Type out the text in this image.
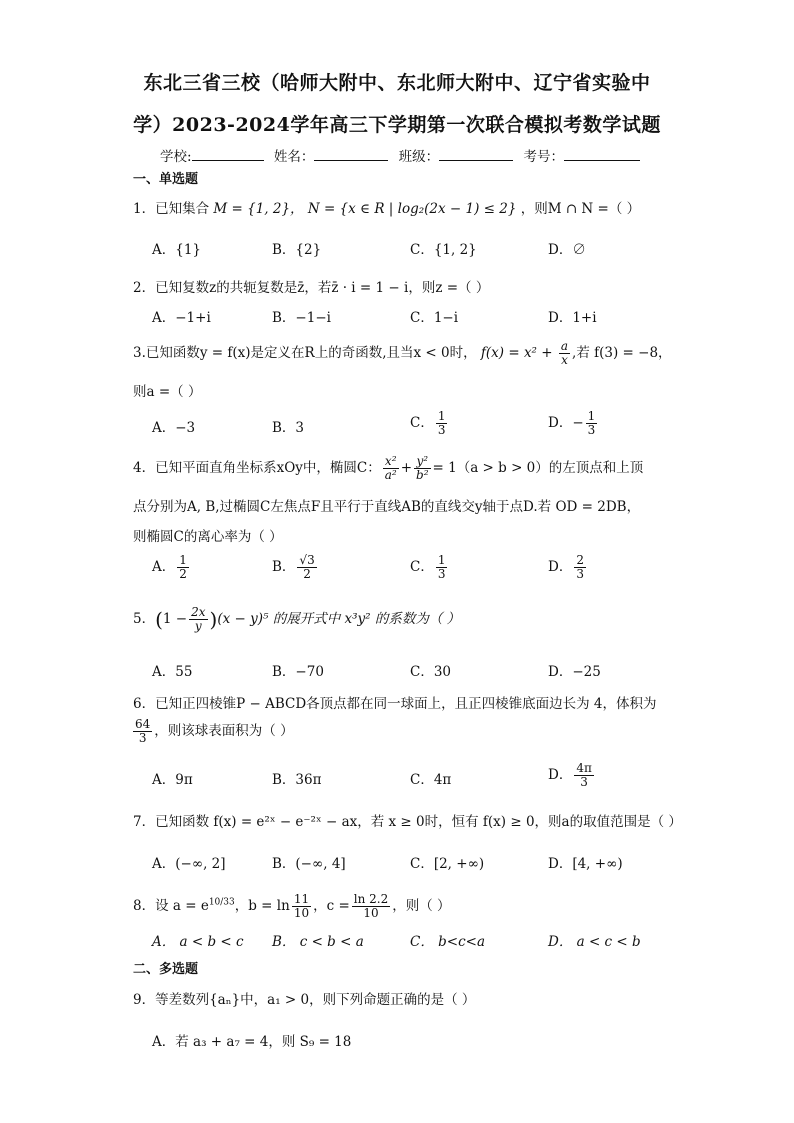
东北三省三校（哈师大附中、东北师大附中、辽宁省实验中
学）2023-2024学年高三下学期第一次联合模拟考数学试题
学校:	姓名：	班级：	考号：
一、单选题
1．已知集合 M = {1, 2}， N = {x ∈ R | log₂(2x − 1) ≤ 2} ，则M ∩ N =（ ）
A．{1}	B．{2}	C．{1, 2}	D．∅
2．已知复数z的共轭复数是z̄，若z̄ · i = 1 − i，则z =（ ）
A．−1+i	B．−1−i	C．1−i	D．1+i
3.已知函数y = f(x)是定义在R上的奇函数,且当x < 0时， $f(x) = x^2 + \frac{a}{x}$ ,若 f(3) = −8，
则a =（ ）
A．−3	B．3	C． $\frac{1}{3}$	D．− $\frac{1}{3}$
4．已知平面直角坐标系xOy中，椭圆C： $\frac{\text{x²}}{\text{a²}} + \frac{\text{y²}}{\text{b²}} = 1(a > b > 0)$的左顶点和上顶
点分别为A, B,过椭圆C左焦点F且平行于直线AB的直线交y轴于点D.若 OD = 2DB，
则椭圆C的离心率为（ ）
A． $\frac{1}{2}$	B． $\frac{√3}{2}$	C． $\frac{1}{3}$	D． $\frac{2}{3}$
5．$(1 - \frac{2x}{y} )(x - y)^5$ 的展开式中 x³y² 的系数为（ ）
A．55	B．−70	C．30	D．−25
6．已知正四棱锥P − ABCD各顶点都在同一球面上，且正四棱锥底面边长为 4，体积为
$\frac{64}{3}$ ，则该球表面积为（ ）
A．9π	B．36π	C．4π	D． $\frac{4\pi}{3}$
7．已知函数 f(x) = e²ˣ − e⁻²ˣ − ax，若 x ≥ 0时，恒有 f(x) ≥ 0，则a的取值范围是（ ）
A．(−∞, 2]	B．(−∞, 4]	C．[2, +∞)	D．[4, +∞)
8．设 $a = e^{10/33}$，$b = \ln \frac{11}{10}$ ，$c = \frac{\ln 2.2}{10}$ ，则（ ）
A． a < b < c B． c < b < a	C． b<c<a	D． a < c < b
二、多选题
9．等差数列{aₙ}中，a₁ > 0，则下列命题正确的是（ ）
A．若 a₃ + a₇ = 4，则 S₉ = 18
